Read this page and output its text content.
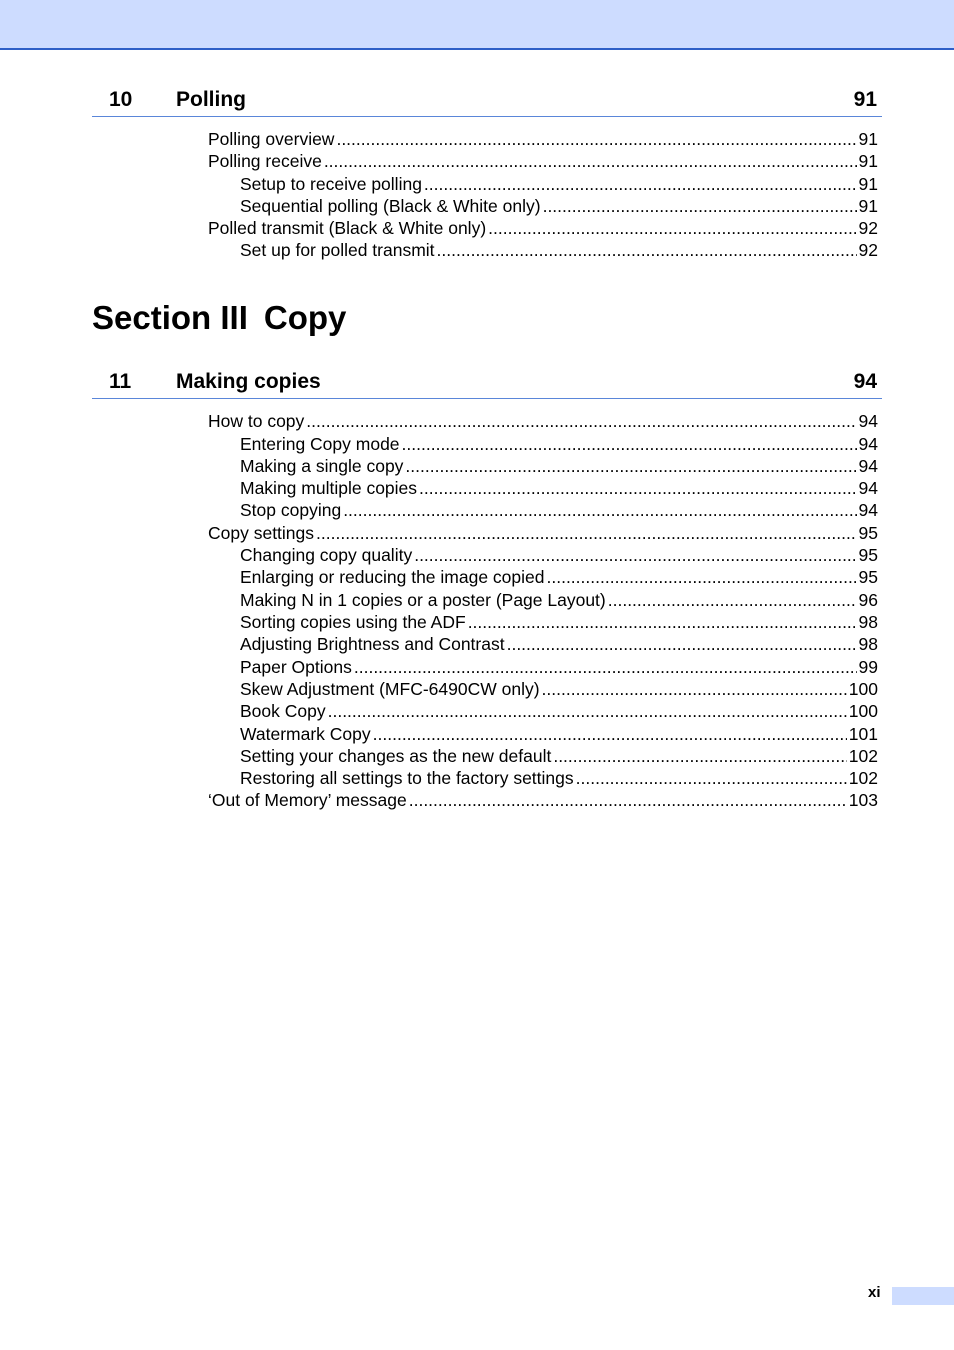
10 Polling	91
Polling overview .....	91
Polling receive .....	91
Setup to receive polling .....	91
Sequential polling (Black & White only) .....	91
Polled transmit (Black & White only) .....	92
Set up for polled transmit .....	92
Section III Copy
11 Making copies	94
How to copy .....	94
Entering Copy mode .....	94
Making a single copy .....	94
Making multiple copies .....	94
Stop copying .....	94
Copy settings .....	95
Changing copy quality .....	95
Enlarging or reducing the image copied .....	95
Making N in 1 copies or a poster (Page Layout) .....	96
Sorting copies using the ADF .....	98
Adjusting Brightness and Contrast .....	98
Paper Options .....	99
Skew Adjustment (MFC-6490CW only) .....	100
Book Copy .....	100
Watermark Copy .....	101
Setting your changes as the new default .....	102
Restoring all settings to the factory settings .....	102
‘Out of Memory’ message .....	103
xi
